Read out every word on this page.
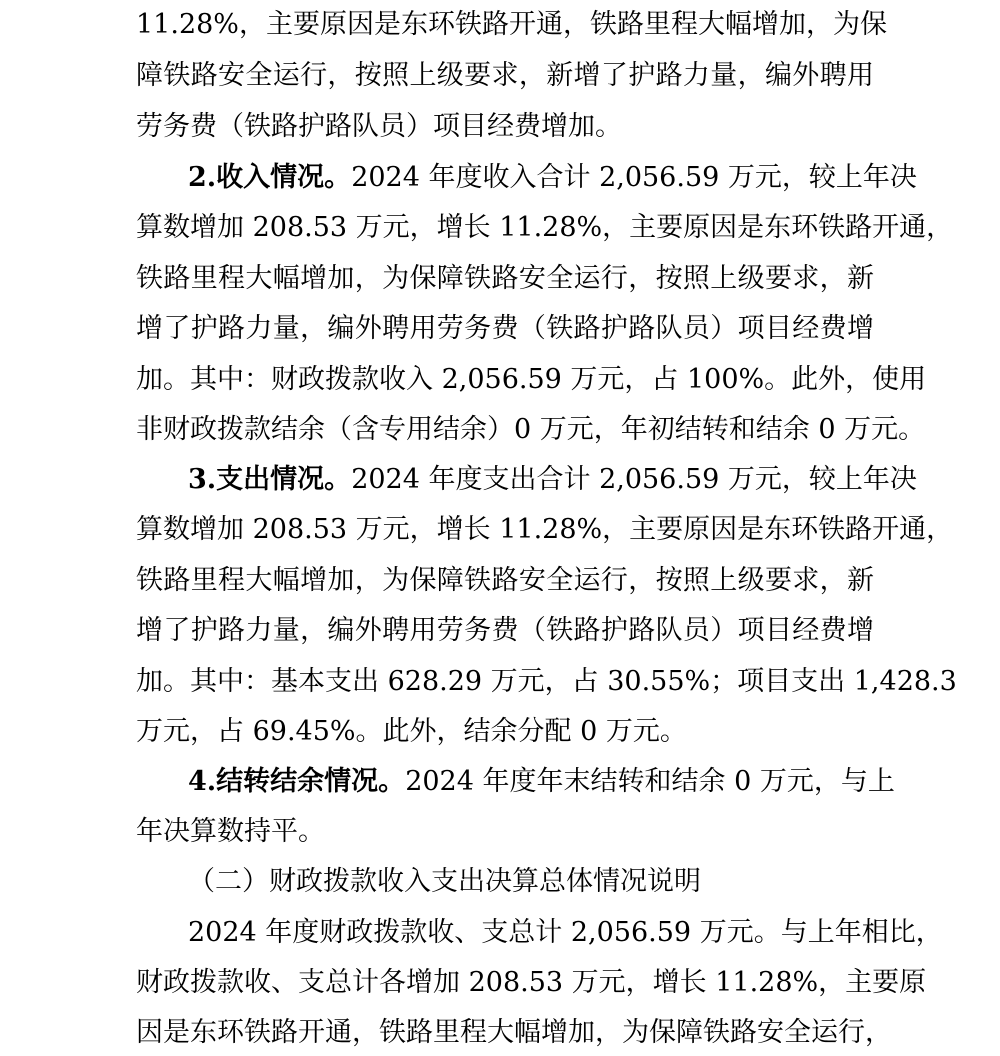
11.28%，主要原因是东环铁路开通，铁路里程大幅增加，为保
障铁路安全运行，按照上级要求，新增了护路力量，编外聘用
劳务费（铁路护路队员）项目经费增加。
2.收入情况。2024 年度收入合计 2,056.59 万元，较上年决
算数增加 208.53 万元，增长 11.28%，主要原因是东环铁路开通，
铁路里程大幅增加，为保障铁路安全运行，按照上级要求，新
增了护路力量，编外聘用劳务费（铁路护路队员）项目经费增
加。其中：财政拨款收入 2,056.59 万元，占 100%。此外，使用
非财政拨款结余（含专用结余）0 万元，年初结转和结余 0 万元。
3.支出情况。2024 年度支出合计 2,056.59 万元，较上年决
算数增加 208.53 万元，增长 11.28%，主要原因是东环铁路开通，
铁路里程大幅增加，为保障铁路安全运行，按照上级要求，新
增了护路力量，编外聘用劳务费（铁路护路队员）项目经费增
加。其中：基本支出 628.29 万元，占 30.55%；项目支出 1,428.3
万元，占 69.45%。此外，结余分配 0 万元。
4.结转结余情况。2024 年度年末结转和结余 0 万元，与上
年决算数持平。
（二）财政拨款收入支出决算总体情况说明
2024 年度财政拨款收、支总计 2,056.59 万元。与上年相比，
财政拨款收、支总计各增加 208.53 万元，增长 11.28%，主要原
因是东环铁路开通，铁路里程大幅增加，为保障铁路安全运行，
